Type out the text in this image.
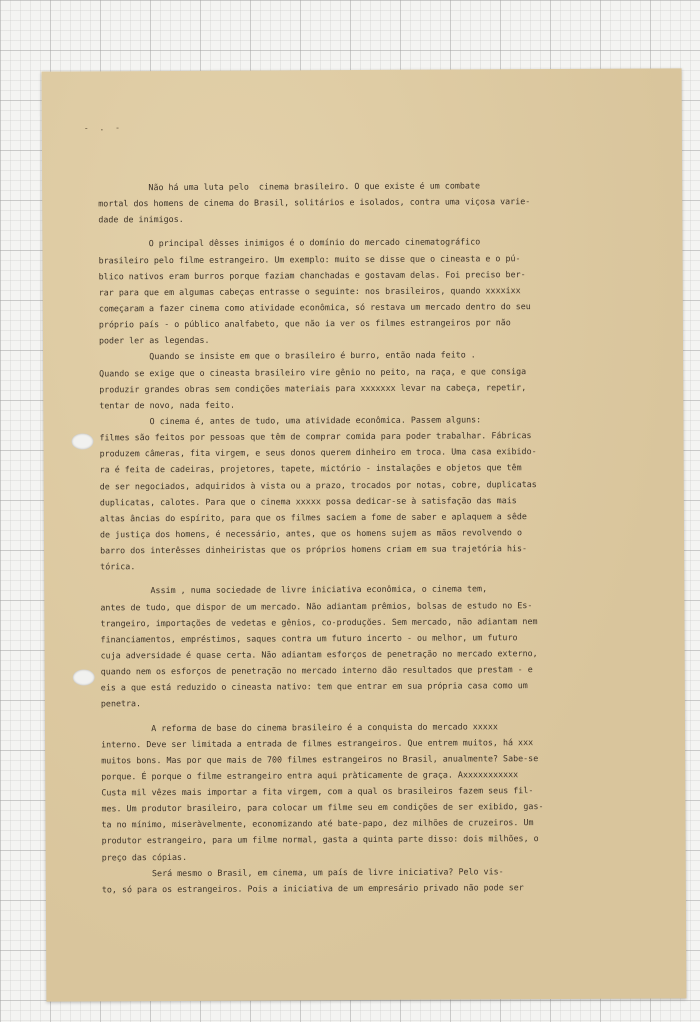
- . -
Não há uma luta pelo  cinema brasileiro. O que existe é um combate
mortal dos homens de cinema do Brasil, solitários e isolados, contra uma viçosa varie-
dade de inimigos.
O principal dêsses inimigos é o domínio do mercado cinematográfico
brasileiro pelo filme estrangeiro. Um exemplo: muito se disse que o cineasta e o pú-
blico nativos eram burros porque faziam chanchadas e gostavam delas. Foi preciso ber-
rar para que em algumas cabeças entrasse o seguinte: nos brasileiros, quando xxxxixx
começaram a fazer cinema como atividade econômica, só restava um mercado dentro do seu
próprio país - o público analfabeto, que não ia ver os filmes estrangeiros por não
poder ler as legendas.
Quando se insiste em que o brasileiro é burro, então nada feito .
Quando se exige que o cineasta brasileiro vire gênio no peito, na raça, e que consiga
produzir grandes obras sem condições materiais para xxxxxxx levar na cabeça, repetir,
tentar de novo, nada feito.
O cinema é, antes de tudo, uma atividade econômica. Passem alguns:
filmes são feitos por pessoas que têm de comprar comida para poder trabalhar. Fábricas
produzem câmeras, fita virgem, e seus donos querem dinheiro em troca. Uma casa exibido-
ra é feita de cadeiras, projetores, tapete, mictório - instalações e objetos que têm
de ser negociados, adquiridos à vista ou a prazo, trocados por notas, cobre, duplicatas
duplicatas, calotes. Para que o cinema xxxxx possa dedicar-se à satisfação das mais
altas âncias do espírito, para que os filmes saciem a fome de saber e aplaquem a sêde
de justiça dos homens, é necessário, antes, que os homens sujem as mãos revolvendo o
barro dos interêsses dinheiristas que os próprios homens criam em sua trajetória his-
tórica.
Assim , numa sociedade de livre iniciativa econômica, o cinema tem,
antes de tudo, que dispor de um mercado. Não adiantam prêmios, bolsas de estudo no Es-
trangeiro, importações de vedetas e gênios, co-produções. Sem mercado, não adiantam nem
financiamentos, empréstimos, saques contra um futuro incerto - ou melhor, um futuro
cuja adversidade é quase certa. Não adiantam esforços de penetração no mercado externo,
quando nem os esforços de penetração no mercado interno dão resultados que prestam - e
eis a que está reduzido o cineasta nativo: tem que entrar em sua própria casa como um
penetra.
A reforma de base do cinema brasileiro é a conquista do mercado xxxxx
interno. Deve ser limitada a entrada de filmes estrangeiros. Que entrem muitos, há xxx
muitos bons. Mas por que mais de 700 filmes estrangeiros no Brasil, anualmente? Sabe-se
porque. É porque o filme estrangeiro entra aqui pràticamente de graça. Axxxxxxxxxxx
Custa mil vêzes mais importar a fita virgem, com a qual os brasileiros fazem seus fil-
mes. Um produtor brasileiro, para colocar um filme seu em condições de ser exibido, gas-
ta no mínimo, miseràvelmente, economizando até bate-papo, dez milhões de cruzeiros. Um
produtor estrangeiro, para um filme normal, gasta a quinta parte disso: dois milhões, o
preço das cópias.
Será mesmo o Brasil, em cinema, um país de livre iniciativa? Pelo vis-
to, só para os estrangeiros. Pois a iniciativa de um empresário privado não pode ser
